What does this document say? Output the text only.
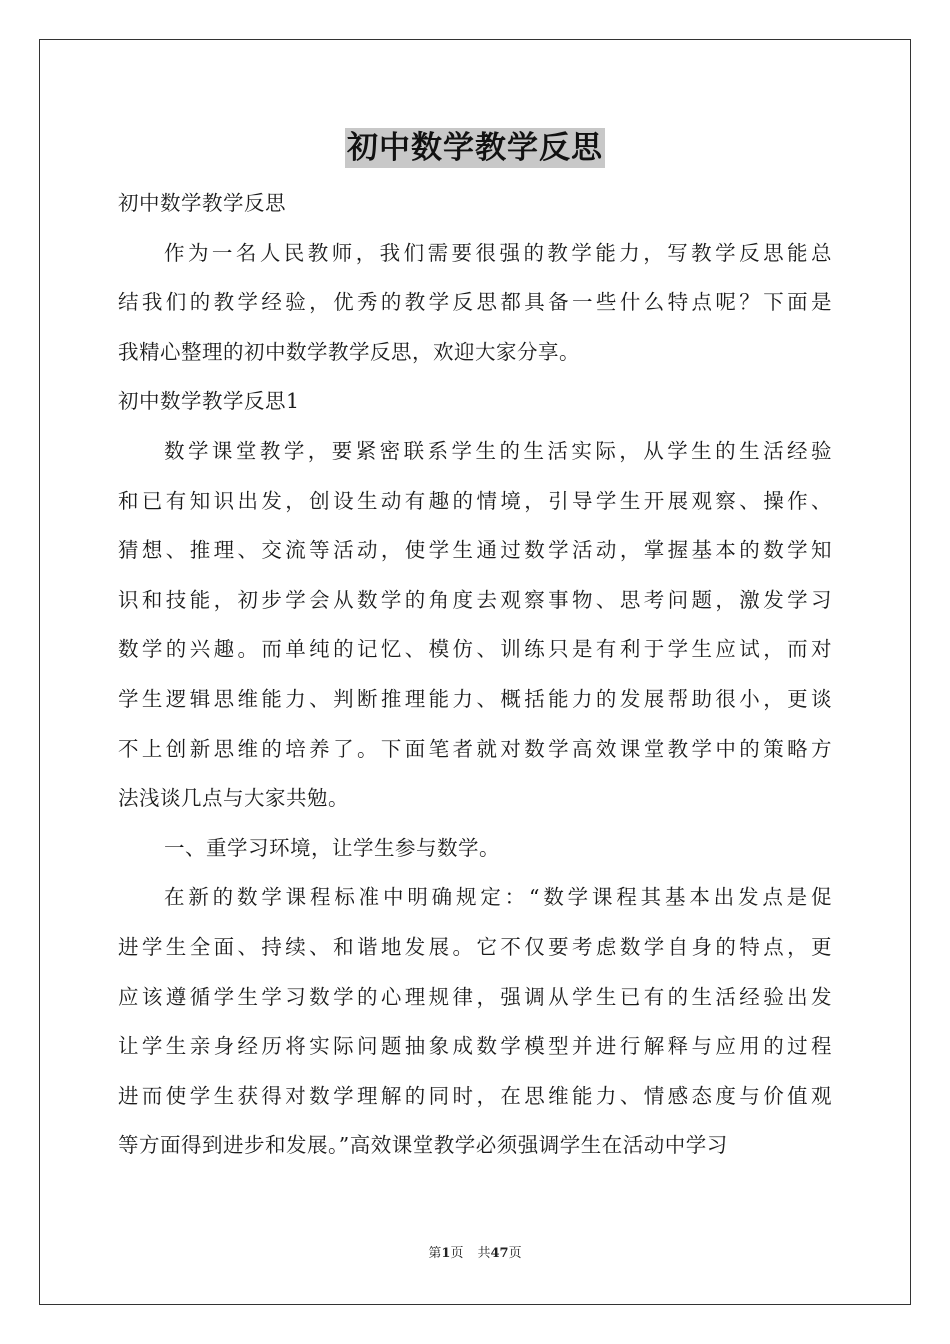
初中数学教学反思
初中数学教学反思
作为一名人民教师，我们需要很强的教学能力，写教学反思能总
结我们的教学经验，优秀的教学反思都具备一些什么特点呢？下面是
我精心整理的初中数学教学反思，欢迎大家分享。
初中数学教学反思1
数学课堂教学，要紧密联系学生的生活实际，从学生的生活经验
和已有知识出发，创设生动有趣的情境，引导学生开展观察、操作、
猜想、推理、交流等活动，使学生通过数学活动，掌握基本的数学知
识和技能，初步学会从数学的角度去观察事物、思考问题，激发学习
数学的兴趣。而单纯的记忆、模仿、训练只是有利于学生应试，而对
学生逻辑思维能力、判断推理能力、概括能力的发展帮助很小，更谈
不上创新思维的培养了。下面笔者就对数学高效课堂教学中的策略方
法浅谈几点与大家共勉。
一、重学习环境，让学生参与数学。
在新的数学课程标准中明确规定：“数学课程其基本出发点是促
进学生全面、持续、和谐地发展。它不仅要考虑数学自身的特点，更
应该遵循学生学习数学的心理规律，强调从学生已有的生活经验出发
让学生亲身经历将实际问题抽象成数学模型并进行解释与应用的过程
进而使学生获得对数学理解的同时，在思维能力、情感态度与价值观
等方面得到进步和发展。”高效课堂教学必须强调学生在活动中学习
第1页 共47页
